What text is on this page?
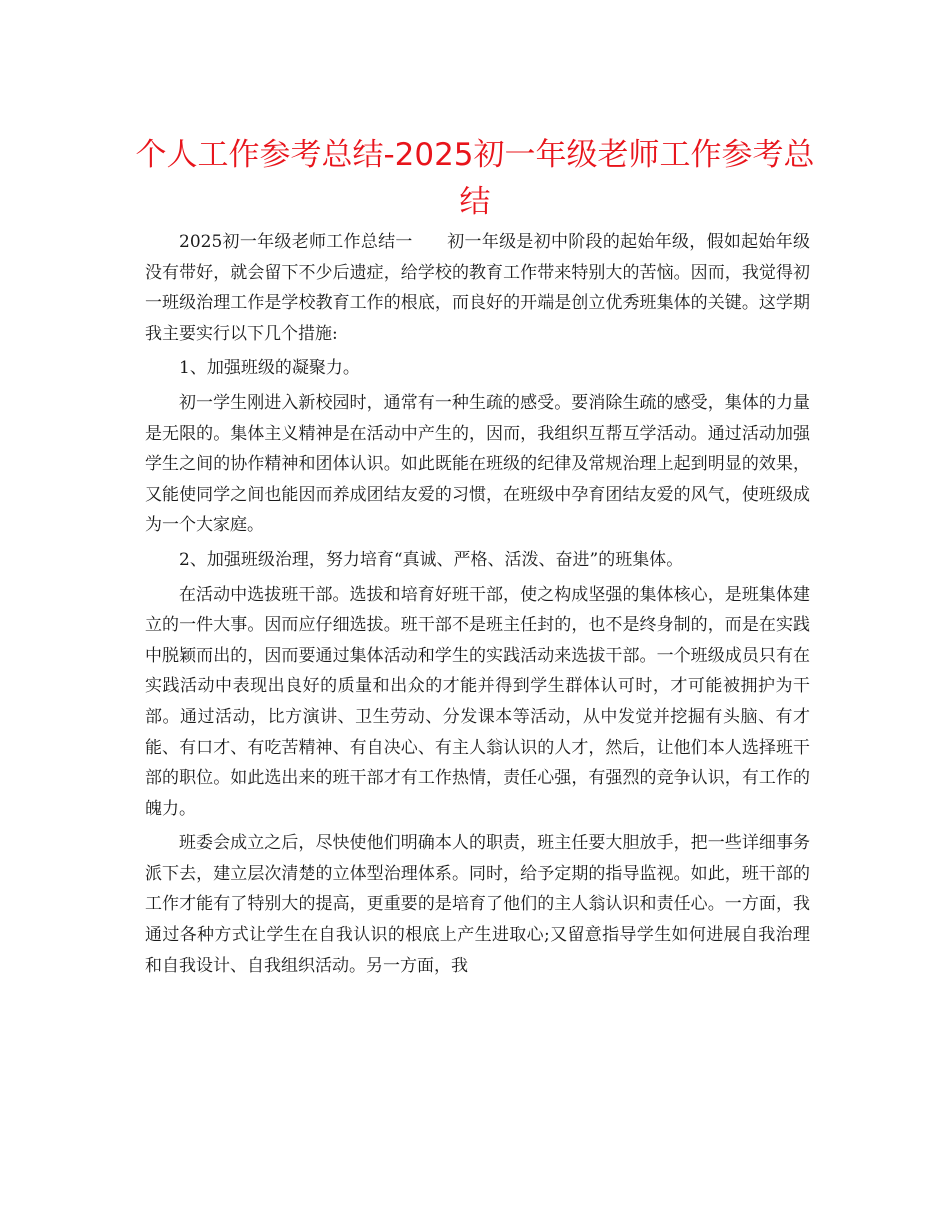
个人工作参考总结-2025初一年级老师工作参考总结

2025初一年级老师工作总结一　　初一年级是初中阶段的起始年级，假如起始年级没有带好，就会留下不少后遗症，给学校的教育工作带来特别大的苦恼。因而，我觉得初一班级治理工作是学校教育工作的根底，而良好的开端是创立优秀班集体的关键。这学期我主要实行以下几个措施:

1、加强班级的凝聚力。

初一学生刚进入新校园时，通常有一种生疏的感受。要消除生疏的感受，集体的力量是无限的。集体主义精神是在活动中产生的，因而，我组织互帮互学活动。通过活动加强学生之间的协作精神和团体认识。如此既能在班级的纪律及常规治理上起到明显的效果，又能使同学之间也能因而养成团结友爱的习惯，在班级中孕育团结友爱的风气，使班级成为一个大家庭。

2、加强班级治理，努力培育“真诚、严格、活泼、奋进”的班集体。

在活动中选拔班干部。选拔和培育好班干部，使之构成坚强的集体核心，是班集体建立的一件大事。因而应仔细选拔。班干部不是班主任封的，也不是终身制的，而是在实践中脱颖而出的，因而要通过集体活动和学生的实践活动来选拔干部。一个班级成员只有在实践活动中表现出良好的质量和出众的才能并得到学生群体认可时，才可能被拥护为干部。通过活动，比方演讲、卫生劳动、分发课本等活动，从中发觉并挖掘有头脑、有才能、有口才、有吃苦精神、有自决心、有主人翁认识的人才，然后，让他们本人选择班干部的职位。如此选出来的班干部才有工作热情，责任心强，有强烈的竞争认识，有工作的魄力。

班委会成立之后，尽快使他们明确本人的职责，班主任要大胆放手，把一些详细事务派下去，建立层次清楚的立体型治理体系。同时，给予定期的指导监视。如此，班干部的工作才能有了特别大的提高，更重要的是培育了他们的主人翁认识和责任心。一方面，我通过各种方式让学生在自我认识的根底上产生进取心;又留意指导学生如何进展自我治理和自我设计、自我组织活动。另一方面，我
